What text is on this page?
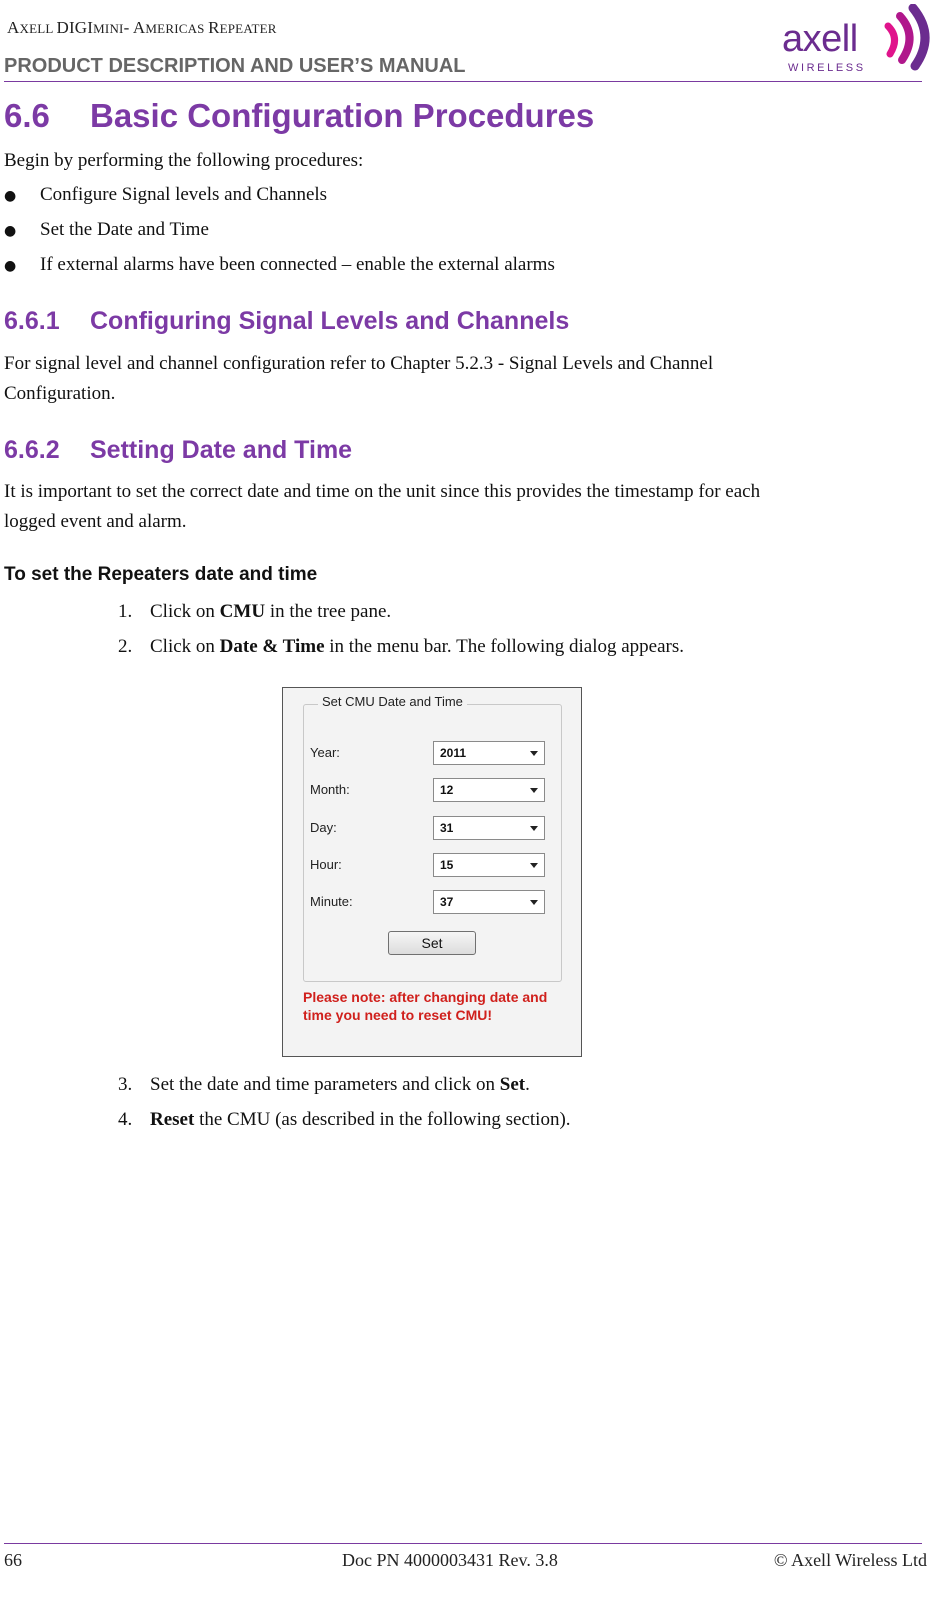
AXELL DIGIMINI- AMERICAS REPEATER
PRODUCT DESCRIPTION AND USER’S MANUAL
axell
WIRELESS
6.6 Basic Configuration Procedures
Begin by performing the following procedures:
● Configure Signal levels and Channels
● Set the Date and Time
● If external alarms have been connected – enable the external alarms
6.6.1 Configuring Signal Levels and Channels
For signal level and channel configuration refer to Chapter 5.2.3 - Signal Levels and Channel
Configuration.
6.6.2 Setting Date and Time
It is important to set the correct date and time on the unit since this provides the timestamp for each
logged event and alarm.
To set the Repeaters date and time
1. Click on CMU in the tree pane.
2. Click on Date & Time in the menu bar. The following dialog appears.
Set CMU Date and Time
Year:	2011
Month:	12
Day:	31
Hour:	15
Minute:	37
Set
Please note: after changing date and time you need to reset CMU!
3. Set the date and time parameters and click on Set.
4. Reset the CMU (as described in the following section).
66	Doc PN 4000003431 Rev. 3.8	© Axell Wireless Ltd
